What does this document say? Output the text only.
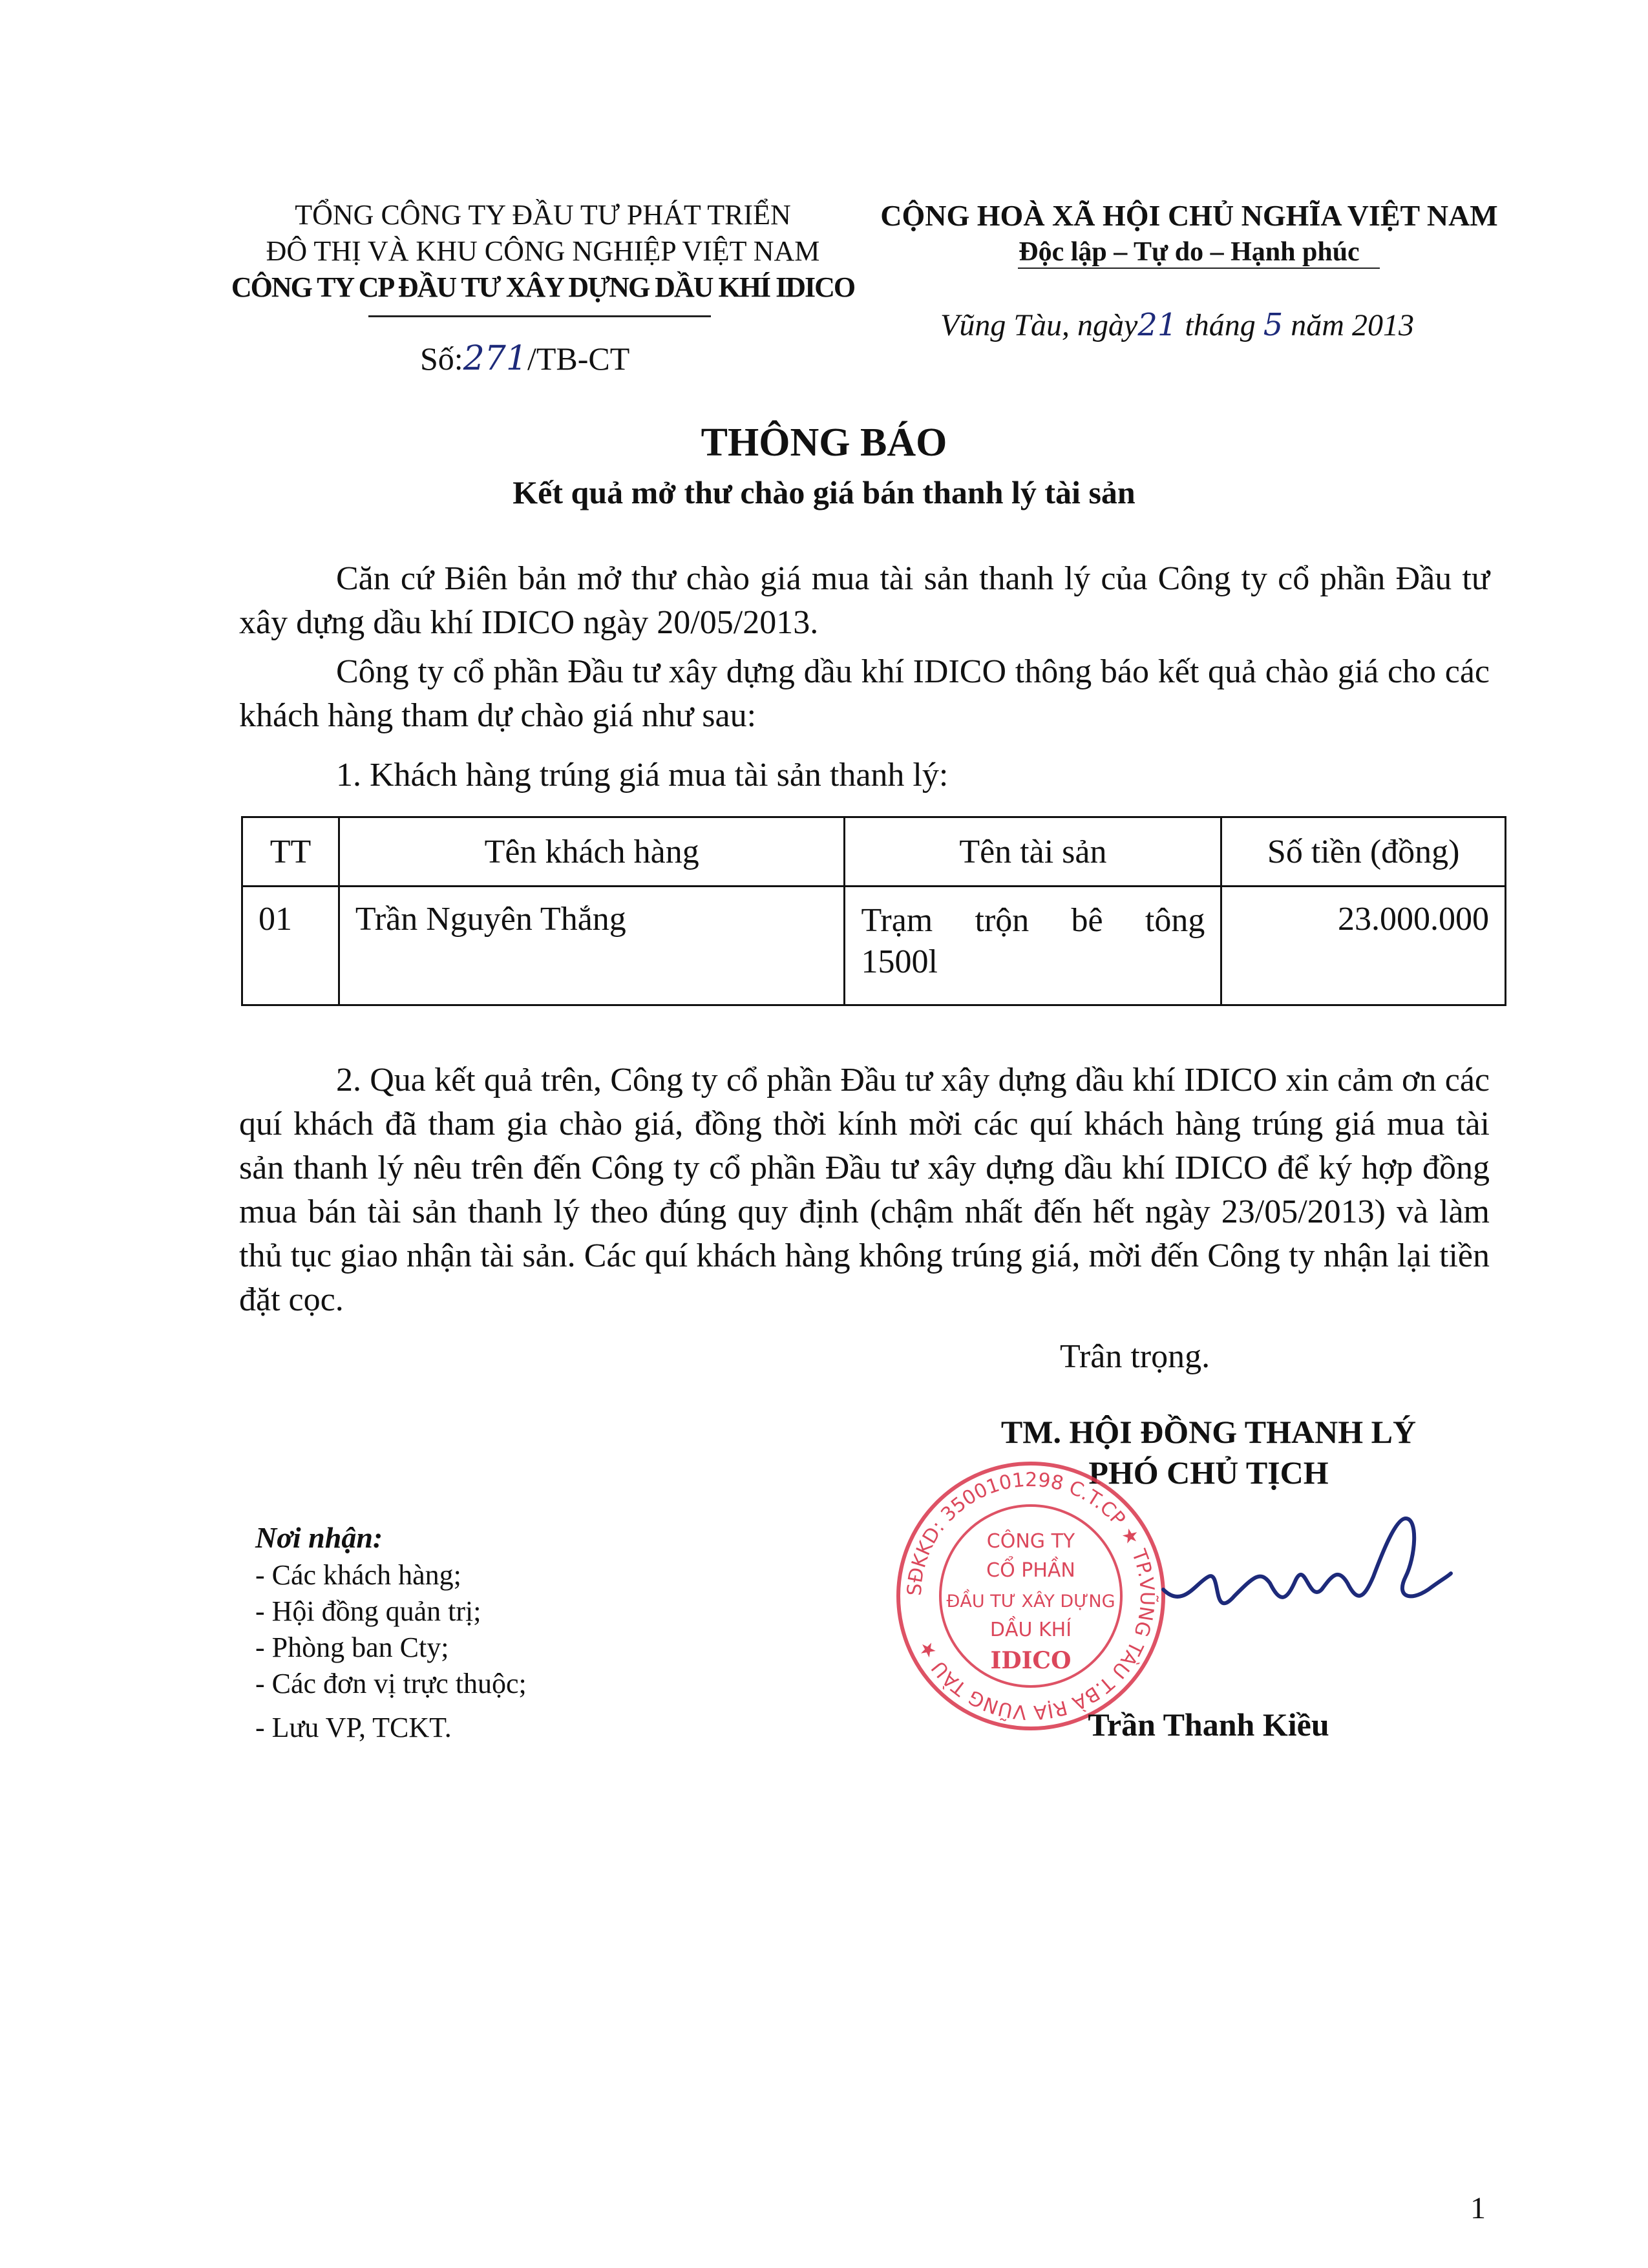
TỔNG CÔNG TY ĐẦU TƯ PHÁT TRIỂN
ĐÔ THỊ VÀ KHU CÔNG NGHIỆP VIỆT NAM
CÔNG TY CP ĐẦU TƯ XÂY DỰNG DẦU KHÍ IDICO
Số:271/TB-CT
CỘNG HOÀ XÃ HỘI CHỦ NGHĨA VIỆT NAM
Độc lập – Tự do – Hạnh phúc
Vũng Tàu, ngày21 tháng 5 năm 2013
THÔNG BÁO
Kết quả mở thư chào giá bán thanh lý tài sản
Căn cứ Biên bản mở thư chào giá mua tài sản thanh lý của Công ty cổ phần Đầu tư xây dựng dầu khí IDICO ngày 20/05/2013.
Công ty cổ phần Đầu tư xây dựng dầu khí IDICO thông báo kết quả chào giá cho các khách hàng tham dự chào giá như sau:
1. Khách hàng trúng giá mua tài sản thanh lý:
TT	Tên khách hàng	Tên tài sản	Số tiền (đồng)
01	Trần Nguyên Thắng	Trạm trộn bê tông 1500l	23.000.000
2. Qua kết quả trên, Công ty cổ phần Đầu tư xây dựng dầu khí IDICO xin cảm ơn các quí khách đã tham gia chào giá, đồng thời kính mời các quí khách hàng trúng giá mua tài sản thanh lý nêu trên đến Công ty cổ phần Đầu tư xây dựng dầu khí IDICO để ký hợp đồng mua bán tài sản thanh lý theo đúng quy định (chậm nhất đến hết ngày 23/05/2013) và làm thủ tục giao nhận tài sản. Các quí khách hàng không trúng giá, mời đến Công ty nhận lại tiền đặt cọc.
Trân trọng.
TM. HỘI ĐỒNG THANH LÝ
PHÓ CHỦ TỊCH
SĐKKD: 3500101298 C.T.CP ★ TP.VŨNG TÀU T.BÀ RỊA VŨNG TÀU ★
CÔNG TY
CỔ PHẦN
ĐẦU TƯ XÂY DỰNG
DẦU KHÍ
IDICO
Trần Thanh Kiều
Nơi nhận:
- Các khách hàng;
- Hội đồng quản trị;
- Phòng ban Cty;
- Các đơn vị trực thuộc;
- Lưu VP, TCKT.
1
